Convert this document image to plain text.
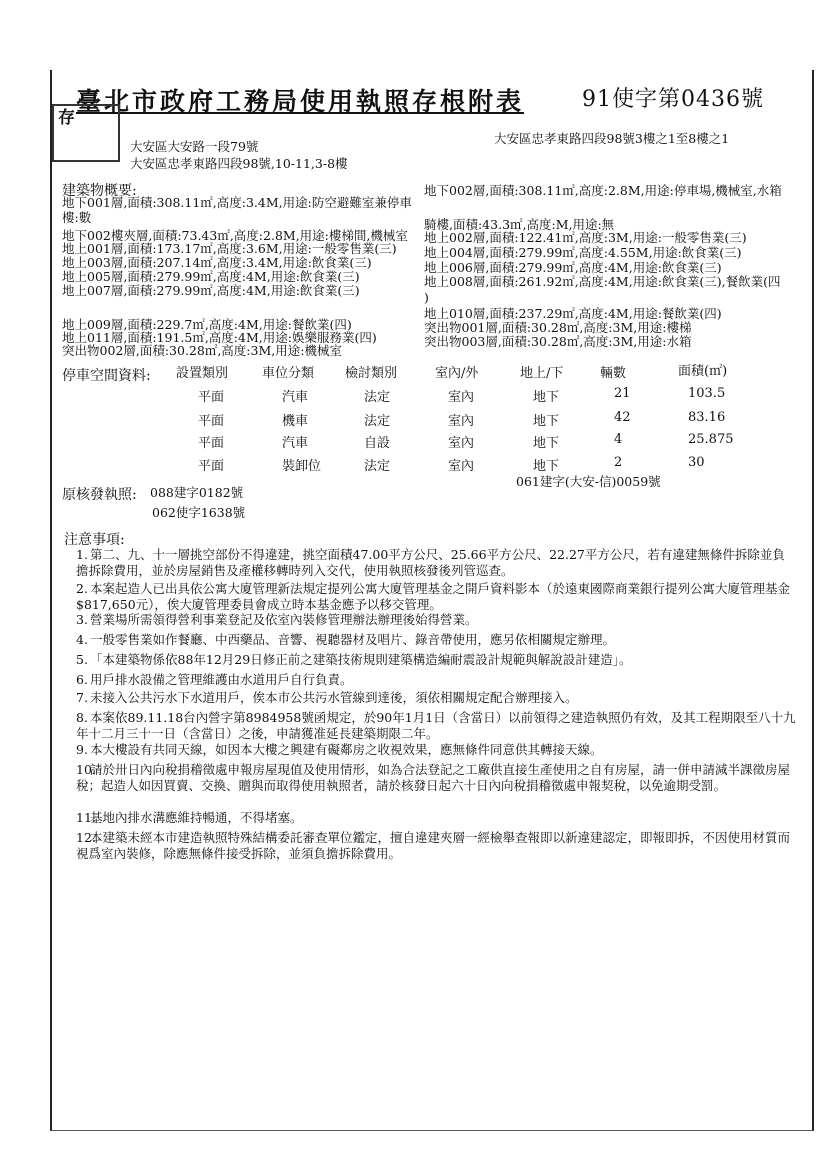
臺北市政府工務局使用執照存根附表	91使字第0436號
存
大安區大安路一段79號
大安區忠孝東路四段98號,10-11,3-8樓
大安區忠孝東路四段98號3樓之1至8樓之1
建築物概要:
地下001層,面積:308.11㎡,高度:3.4M,用途:防空避難室兼停車
樓:數
地下002樓夾層,面積:73.43㎡,高度:2.8M,用途:樓梯間,機械室
地上001層,面積:173.17㎡,高度:3.6M,用途:一般零售業(三)
地上003層,面積:207.14㎡,高度:3.4M,用途:飲食業(三)
地上005層,面積:279.99㎡,高度:4M,用途:飲食業(三)
地上007層,面積:279.99㎡,高度:4M,用途:飲食業(三)
地上009層,面積:229.7㎡,高度:4M,用途:餐飲業(四)
地上011層,面積:191.5㎡,高度:4M,用途:娛樂服務業(四)
突出物002層,面積:30.28㎡,高度:3M,用途:機械室
地下002層,面積:308.11㎡,高度:2.8M,用途:停車場,機械室,水箱
騎樓,面積:43.3㎡,高度:M,用途:無
地上002層,面積:122.41㎡,高度:3M,用途:一般零售業(三)
地上004層,面積:279.99㎡,高度:4.55M,用途:飲食業(三)
地上006層,面積:279.99㎡,高度:4M,用途:飲食業(三)
地上008層,面積:261.92㎡,高度:4M,用途:飲食業(三),餐飲業(四
)
地上010層,面積:237.29㎡,高度:4M,用途:餐飲業(四)
突出物001層,面積:30.28㎡,高度:3M,用途:樓梯
突出物003層,面積:30.28㎡,高度:3M,用途:水箱
停車空間資料: 設置類別	車位分類 檢討類別	室內/外	地上/下	輛數	面積(㎡)
平面	汽車	法定	室內	地下	21	103.5
平面	機車	法定	室內	地下	42	83.16
平面	汽車	自設	室內	地下	4	25.875
平面	裝卸位	法定	室內	地下	2	30
原核發執照: 088建字0182號
062使字1638號
061建字(大安-信)0059號
注意事項:
1. 第二、九、十一層挑空部份不得違建，挑空面積47.00平方公尺、25.66平方公尺、22.27平方公尺，若有違建無條件拆除並負擔拆除費用，並於房屋銷售及產權移轉時列入交代，使用執照核發後列管巡查。
2. 本案起造人已出具依公寓大廈管理新法規定提列公寓大廈管理基金之開戶資料影本（於遠東國際商業銀行提列公寓大廈管理基金$817,650元），俟大廈管理委員會成立時本基金應予以移交管理。
3. 營業場所需領得營利事業登記及依室內裝修管理辦法辦理後始得營業。
4. 一般零售業如作餐廳、中西藥品、音響、視聽器材及唱片、錄音帶使用，應另依相關規定辦理。
5. 「本建築物係依88年12月29日修正前之建築技術規則建築構造編耐震設計規範與解說設計建造」。
6. 用戶排水設備之管理維護由水道用戶自行負責。
7. 未接入公共污水下水道用戶，俟本市公共污水管線到達後，須依相關規定配合辦理接入。
8. 本案依89.11.18台內營字第8984958號函規定，於90年1月1日（含當日）以前領得之建造執照仍有效，及其工程期限至八十九年十二月三十一日（含當日）之後，申請獲准延長建築期限二年。
9. 本大樓設有共同天線，如因本大樓之興建有礙鄰房之收視效果，應無條件同意供其轉接天線。
10.請於卅日內向稅捐稽徵處申報房屋現值及使用情形，如為合法登記之工廠供直接生產使用之自有房屋，請一併申請減半課徵房屋稅；起造人如因買賣、交換、贈與而取得使用執照者，請於核發日起六十日內向稅捐稽徵處申報契稅，以免逾期受罰。
11.基地內排水溝應維持暢通，不得堵塞。
12.本建築未經本市建造執照特殊結構委託審查單位鑑定，擅自違建夾層一經檢舉查報即以新違建認定，即報即拆，不因使用材質而視爲室內裝修，除應無條件接受拆除，並須負擔拆除費用。
